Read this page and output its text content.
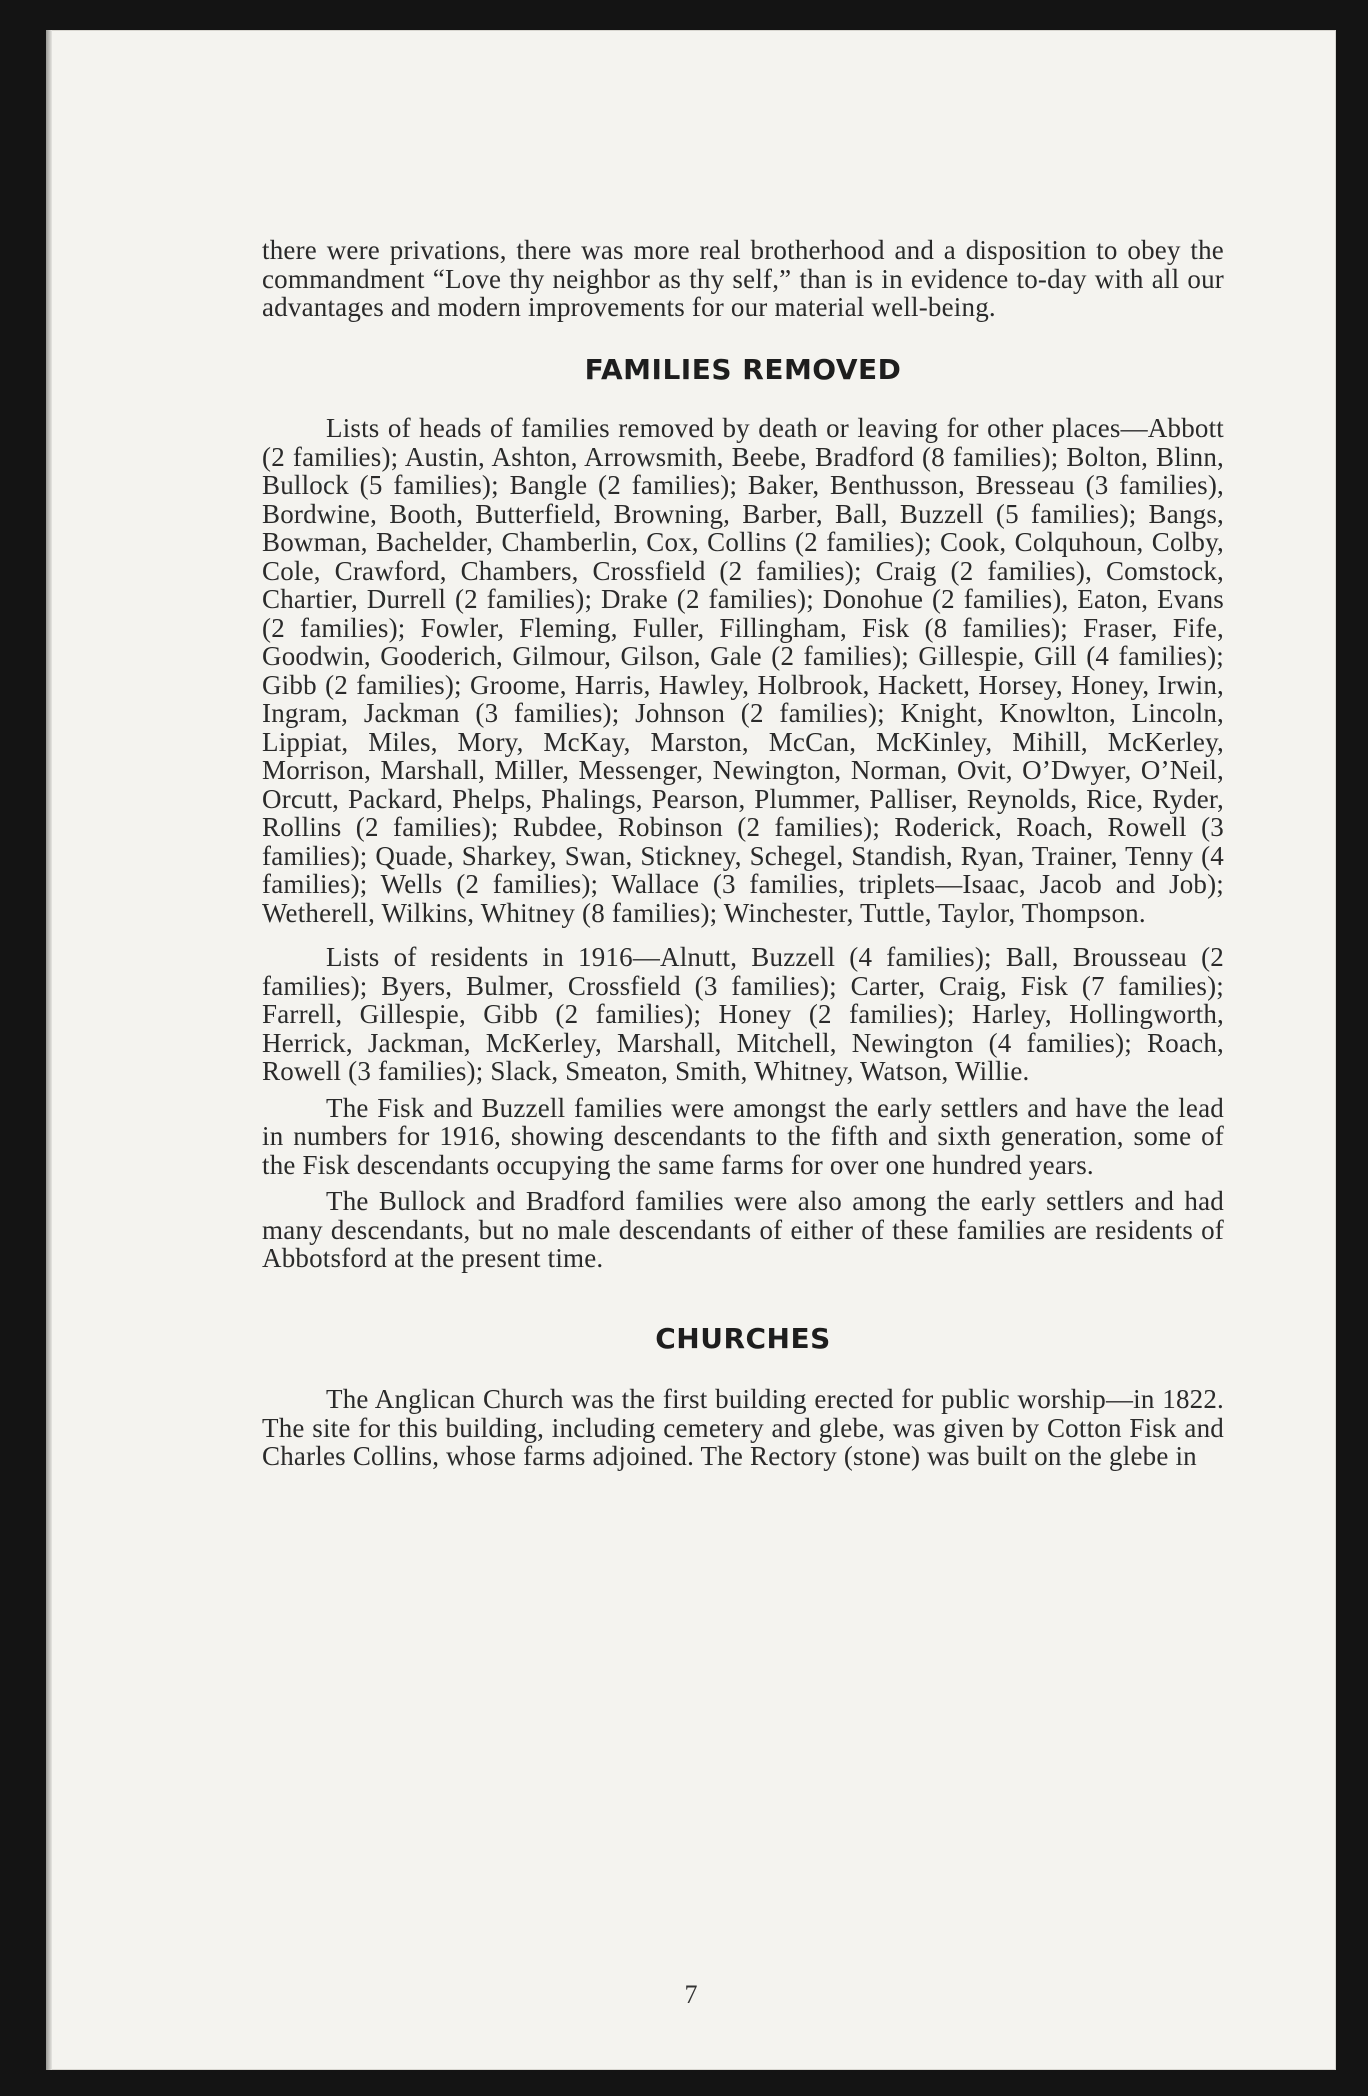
there were privations, there was more real brotherhood and a disposition to obey the commandment “Love thy neighbor as thy self,” than is in evidence to-day with all our advantages and modern improvements for our material well-being.

FAMILIES REMOVED

Lists of heads of families removed by death or leaving for other places—Abbott (2 families); Austin, Ashton, Arrowsmith, Beebe, Bradford (8 families); Bolton, Blinn, Bullock (5 families); Bangle (2 families); Baker, Benthusson, Bresseau (3 families), Bordwine, Booth, Butterfield, Browning, Barber, Ball, Buzzell (5 families); Bangs, Bowman, Bachelder, Chamberlin, Cox, Collins (2 families); Cook, Colquhoun, Colby, Cole, Crawford, Chambers, Crossfield (2 families); Craig (2 families), Comstock, Chartier, Durrell (2 families); Drake (2 families); Donohue (2 families), Eaton, Evans (2 families); Fowler, Fleming, Fuller, Fillingham, Fisk (8 families); Fraser, Fife, Goodwin, Gooderich, Gilmour, Gilson, Gale (2 families); Gillespie, Gill (4 families); Gibb (2 families); Groome, Harris, Hawley, Holbrook, Hackett, Horsey, Honey, Irwin, Ingram, Jackman (3 families); Johnson (2 families); Knight, Knowlton, Lincoln, Lippiat, Miles, Mory, McKay, Marston, McCan, McKinley, Mihill, McKerley, Morrison, Marshall, Miller, Messenger, Newington, Norman, Ovit, O’Dwyer, O’Neil, Orcutt, Packard, Phelps, Phalings, Pearson, Plummer, Palliser, Reynolds, Rice, Ryder, Rollins (2 families); Rubdee, Robinson (2 families); Roderick, Roach, Rowell (3 families); Quade, Sharkey, Swan, Stickney, Schegel, Standish, Ryan, Trainer, Tenny (4 families); Wells (2 families); Wallace (3 families, triplets—Isaac, Jacob and Job); Wetherell, Wilkins, Whitney (8 families); Winchester, Tuttle, Taylor, Thompson.

Lists of residents in 1916—Alnutt, Buzzell (4 families); Ball, Brousseau (2 families); Byers, Bulmer, Crossfield (3 families); Carter, Craig, Fisk (7 families); Farrell, Gillespie, Gibb (2 families); Honey (2 families); Harley, Hollingworth, Herrick, Jackman, McKerley, Marshall, Mitchell, Newington (4 families); Roach, Rowell (3 families); Slack, Smeaton, Smith, Whitney, Watson, Willie.

The Fisk and Buzzell families were amongst the early settlers and have the lead in numbers for 1916, showing descendants to the fifth and sixth generation, some of the Fisk descendants occupying the same farms for over one hundred years.

The Bullock and Bradford families were also among the early settlers and had many descendants, but no male descendants of either of these families are residents of Abbotsford at the present time.

CHURCHES

The Anglican Church was the first building erected for public worship—in 1822. The site for this building, including cemetery and glebe, was given by Cotton Fisk and Charles Collins, whose farms adjoined. The Rectory (stone) was built on the glebe in

7
